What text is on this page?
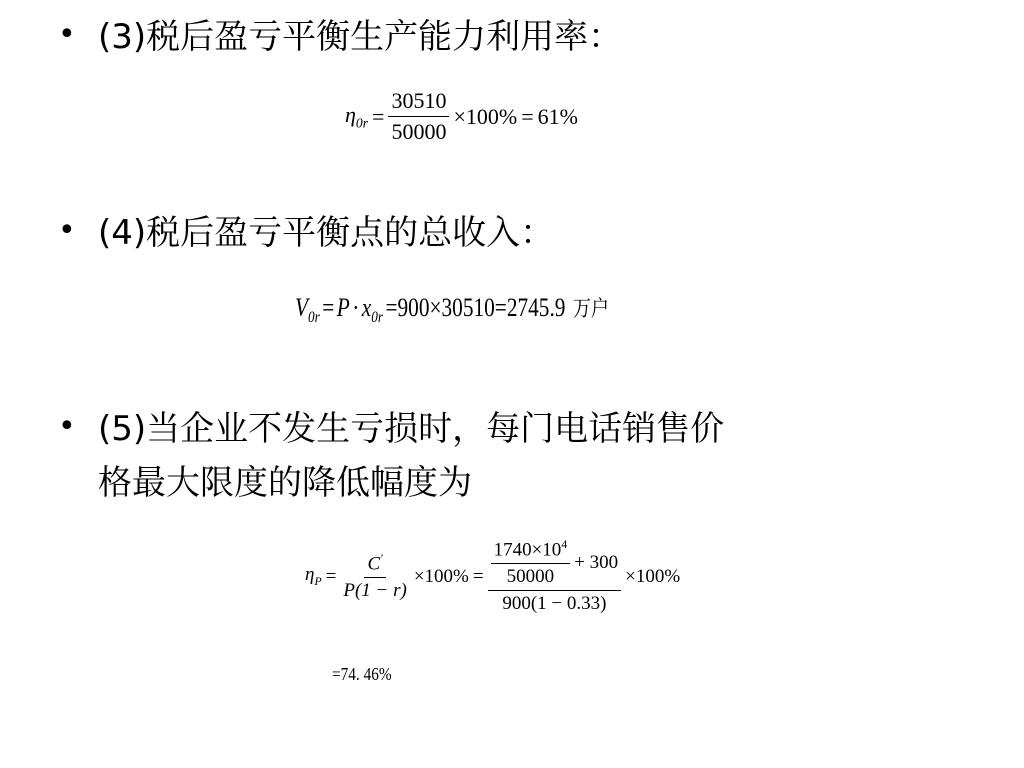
• (3)税后盈亏平衡生产能力利用率：
$\eta_{0r} = \frac{30510}{50000} \times 100\% = 61\%$
• (4)税后盈亏平衡点的总收入：
$V_{0r} = P \cdot x_{0r} =900\times 30510=2745.9$ 万户
• (5)当企业不发生亏损时，每门电话销售价
格最大限度的降低幅度为
$\eta_P = \frac{C'}{P(1 - r)} \times 100\% = \frac{\frac{1740\times 10^4}{50000} + 300}{900(1 - 0.33)} \times 100\%$
=74. 46%
